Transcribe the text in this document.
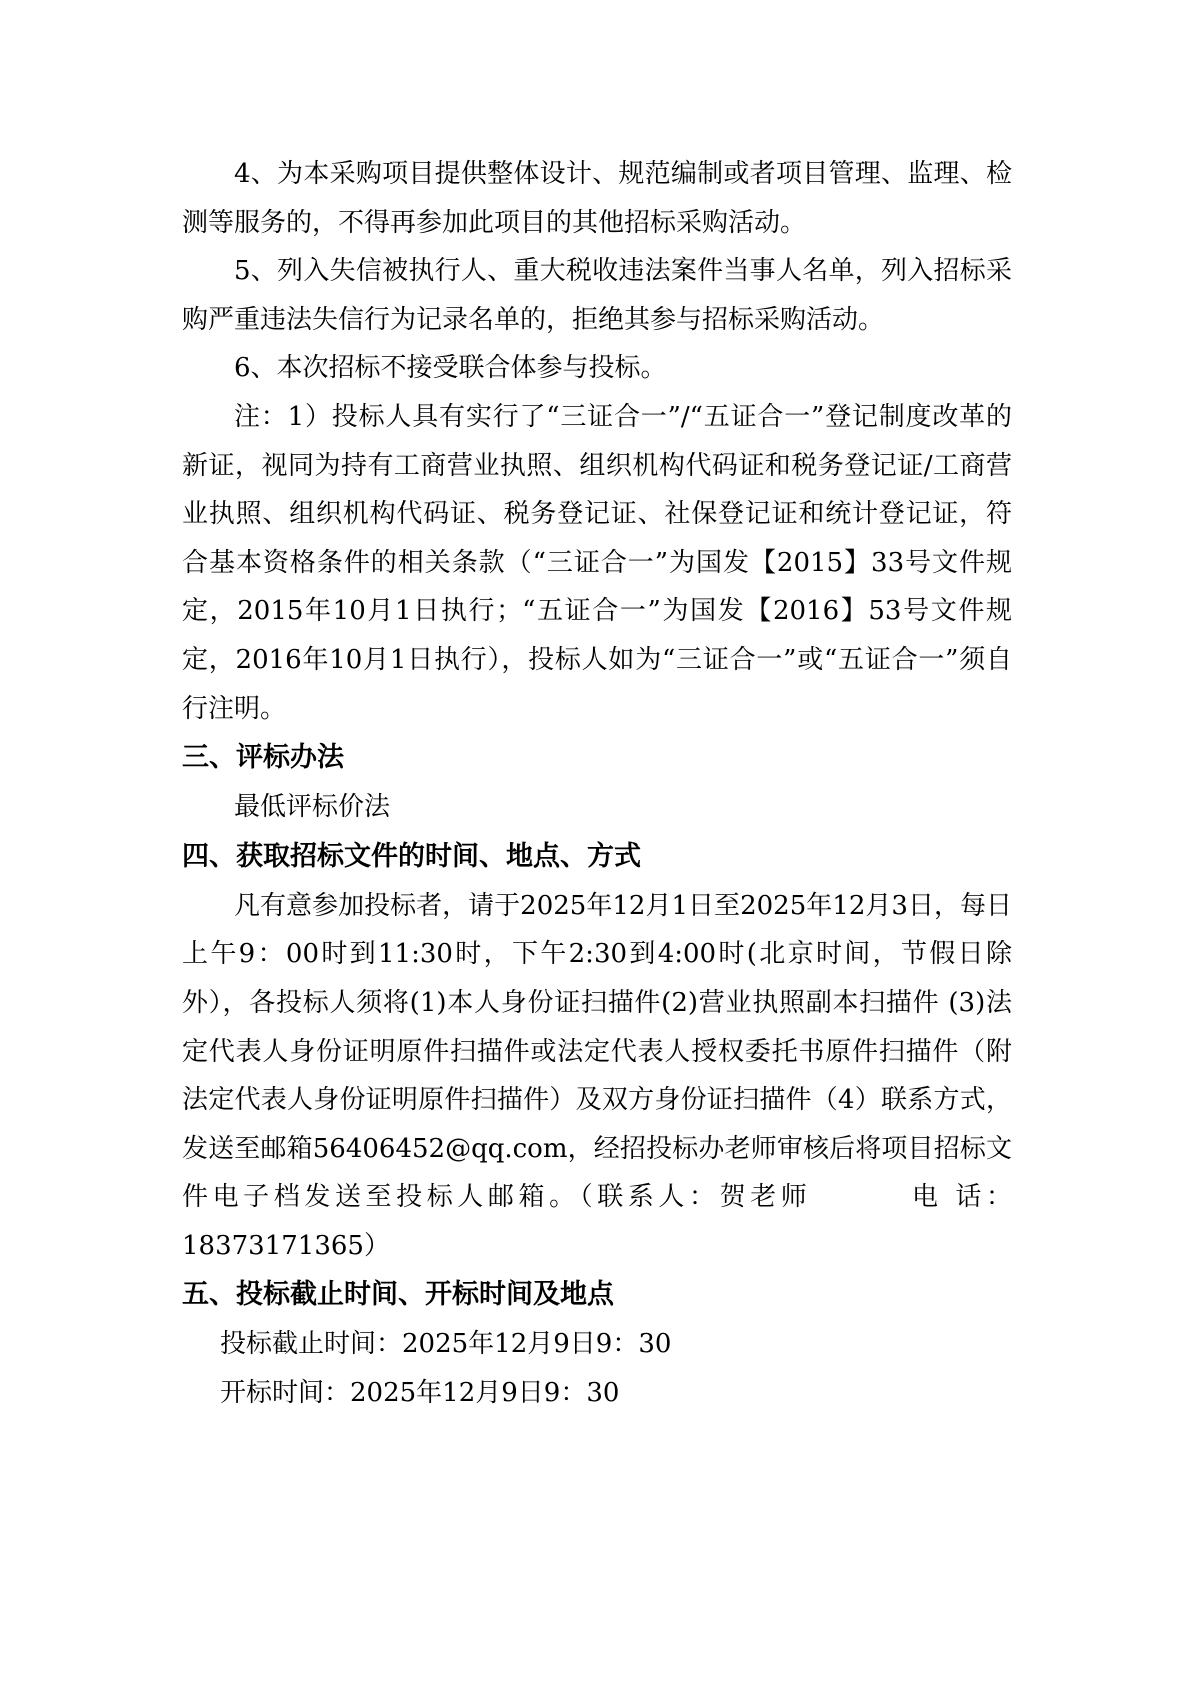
4、为本采购项目提供整体设计、规范编制或者项目管理、监理、检测等服务的，不得再参加此项目的其他招标采购活动。

5、列入失信被执行人、重大税收违法案件当事人名单，列入招标采购严重违法失信行为记录名单的，拒绝其参与招标采购活动。

6、本次招标不接受联合体参与投标。

注：1）投标人具有实行了“三证合一”/“五证合一”登记制度改革的新证，视同为持有工商营业执照、组织机构代码证和税务登记证/工商营业执照、组织机构代码证、税务登记证、社保登记证和统计登记证，符合基本资格条件的相关条款（“三证合一”为国发【2015】33号文件规定，2015年10月1日执行；“五证合一”为国发【2016】53号文件规定，2016年10月1日执行），投标人如为“三证合一”或“五证合一”须自行注明。

三、评标办法

最低评标价法

四、获取招标文件的时间、地点、方式

凡有意参加投标者，请于2025年12月1日至2025年12月3日，每日上午9：00时到11:30时，下午2:30到4:00时(北京时间，节假日除外），各投标人须将(1)本人身份证扫描件(2)营业执照副本扫描件 (3)法定代表人身份证明原件扫描件或法定代表人授权委托书原件扫描件（附法定代表人身份证明原件扫描件）及双方身份证扫描件（4）联系方式，发送至邮箱56406452@qq.com，经招投标办老师审核后将项目招标文件电子档发送至投标人邮箱。（联系人：贺老师	电 话：18373171365）

五、投标截止时间、开标时间及地点

投标截止时间：2025年12月9日9：30

开标时间：2025年12月9日9：30
